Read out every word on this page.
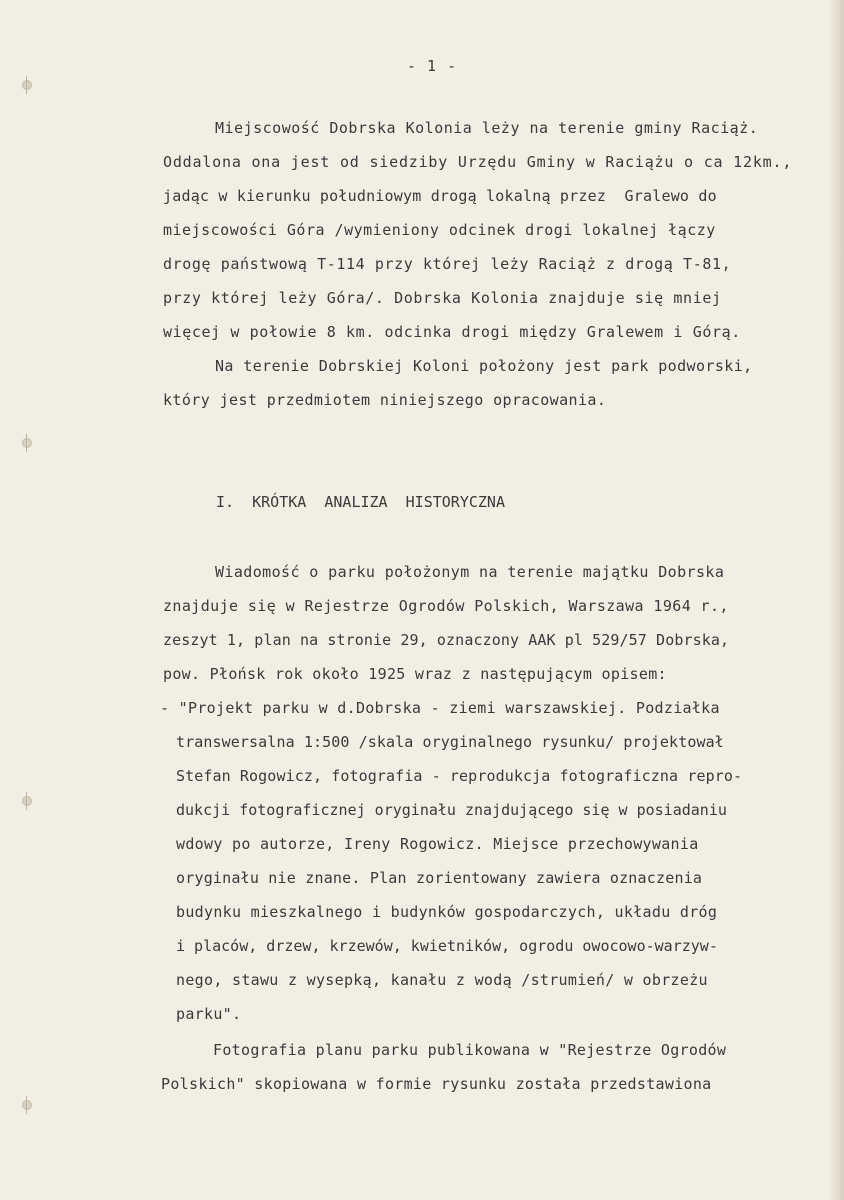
- 1 -
Miejscowość Dobrska Kolonia leży na terenie gminy Raciąż.
Oddalona ona jest od siedziby Urzędu Gminy w Raciążu o ca 12km.,
jadąc w kierunku południowym drogą lokalną przez  Gralewo do
miejscowości Góra /wymieniony odcinek drogi lokalnej łączy
drogę państwową T-114 przy której leży Raciąż z drogą T-81,
przy której leży Góra/. Dobrska Kolonia znajduje się mniej
więcej w połowie 8 km. odcinka drogi między Gralewem i Górą.
Na terenie Dobrskiej Koloni położony jest park podworski,
który jest przedmiotem niniejszego opracowania.
I.  KRÓTKA  ANALIZA  HISTORYCZNA
Wiadomość o parku położonym na terenie majątku Dobrska
znajduje się w Rejestrze Ogrodów Polskich, Warszawa 1964 r.,
zeszyt 1, plan na stronie 29, oznaczony AAK pl 529/57 Dobrska,
pow. Płońsk rok około 1925 wraz z następującym opisem:
- "Projekt parku w d.Dobrska - ziemi warszawskiej. Podziałka
transwersalna 1:500 /skala oryginalnego rysunku/ projektował
Stefan Rogowicz, fotografia - reprodukcja fotograficzna repro-
dukcji fotograficznej oryginału znajdującego się w posiadaniu
wdowy po autorze, Ireny Rogowicz. Miejsce przechowywania
oryginału nie znane. Plan zorientowany zawiera oznaczenia
budynku mieszkalnego i budynków gospodarczych, układu dróg
i placów, drzew, krzewów, kwietników, ogrodu owocowo-warzyw-
nego, stawu z wysepką, kanału z wodą /strumień/ w obrzeżu
parku".
Fotografia planu parku publikowana w "Rejestrze Ogrodów
Polskich" skopiowana w formie rysunku została przedstawiona
